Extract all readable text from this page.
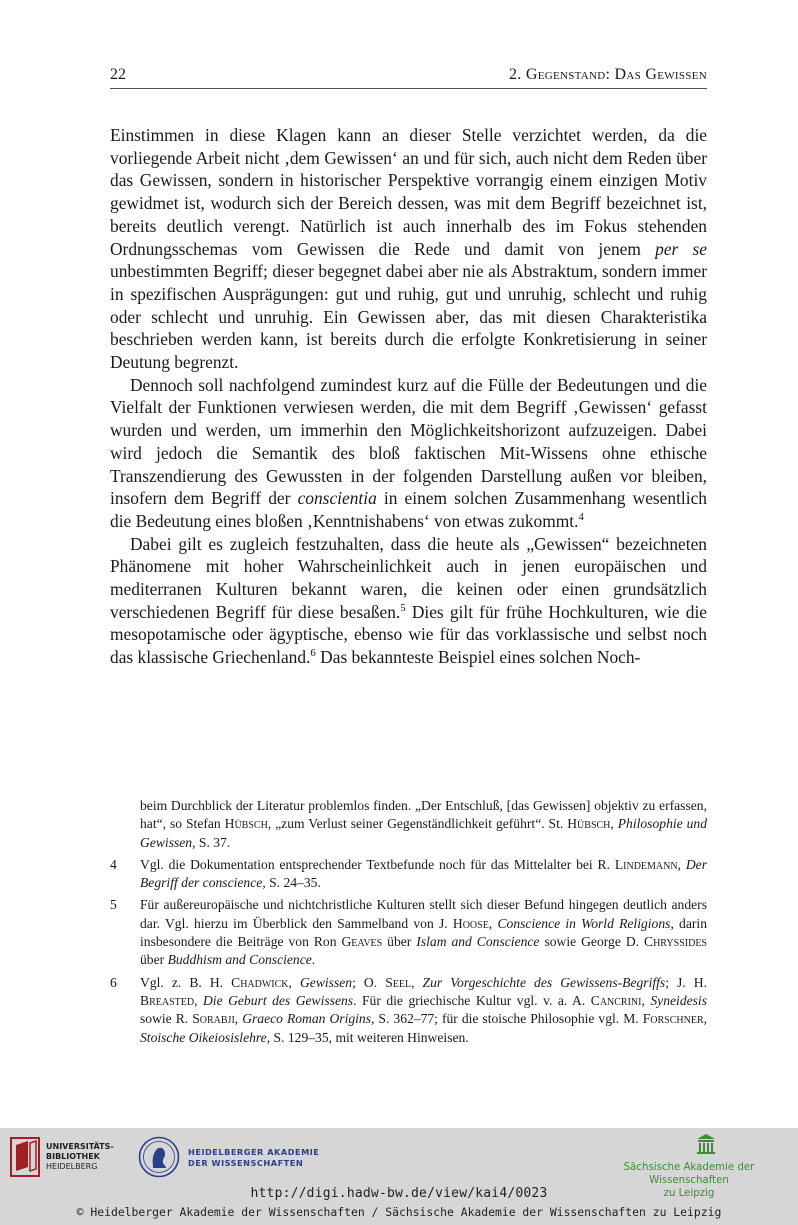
22	2. Gegenstand: Das Gewissen

Einstimmen in diese Klagen kann an dieser Stelle verzichtet werden, da die vorliegende Arbeit nicht ‚dem Gewissen‘ an und für sich, auch nicht dem Reden über das Gewissen, sondern in historischer Perspektive vorrangig einem einzigen Motiv gewidmet ist, wodurch sich der Bereich dessen, was mit dem Begriff bezeichnet ist, bereits deutlich verengt. Natürlich ist auch innerhalb des im Fokus stehenden Ordnungsschemas vom Gewissen die Rede und damit von jenem per se unbestimmten Begriff; dieser begegnet dabei aber nie als Abstraktum, sondern immer in spezifischen Ausprägungen: gut und ruhig, gut und unruhig, schlecht und ruhig oder schlecht und unruhig. Ein Gewissen aber, das mit diesen Charakteristika beschrieben werden kann, ist bereits durch die erfolgte Konkretisierung in seiner Deutung begrenzt.

Dennoch soll nachfolgend zumindest kurz auf die Fülle der Bedeutungen und die Vielfalt der Funktionen verwiesen werden, die mit dem Begriff ‚Gewissen‘ gefasst wurden und werden, um immerhin den Möglichkeitshorizont aufzuzeigen. Dabei wird jedoch die Semantik des bloß faktischen Mit-Wissens ohne ethische Transzendierung des Gewussten in der folgenden Darstellung außen vor bleiben, insofern dem Begriff der conscientia in einem solchen Zusammenhang wesentlich die Bedeutung eines bloßen ‚Kenntnishabens‘ von etwas zukommt.$^4$

Dabei gilt es zugleich festzuhalten, dass die heute als „Gewissen“ bezeichneten Phänomene mit hoher Wahrscheinlichkeit auch in jenen europäischen und mediterranen Kulturen bekannt waren, die keinen oder einen grundsätzlich verschiedenen Begriff für diese besaßen.$^5$ Dies gilt für frühe Hochkulturen, wie die mesopotamische oder ägyptische, ebenso wie für das vorklassische und selbst noch das klassische Griechenland.$^6$ Das bekannteste Beispiel eines solchen Noch-

beim Durchblick der Literatur problemlos finden. „Der Entschluß, [das Gewissen] objektiv zu erfassen, hat“, so Stefan Hübsch, „zum Verlust seiner Gegenständlichkeit geführt“. St. Hübsch, Philosophie und Gewissen, S. 37.
4 Vgl. die Dokumentation entsprechender Textbefunde noch für das Mittelalter bei R. Lindemann, Der Begriff der conscience, S. 24–35.
5 Für außereuropäische und nichtchristliche Kulturen stellt sich dieser Befund hingegen deutlich anders dar. Vgl. hierzu im Überblick den Sammelband von J. Hoose, Conscience in World Religions, darin insbesondere die Beiträge von Ron Geaves über Islam and Conscience sowie George D. Chryssides über Buddhism and Conscience.
6 Vgl. z. B. H. Chadwick, Gewissen; O. Seel, Zur Vorgeschichte des Gewissens-Begriffs; J. H. Breasted, Die Geburt des Gewissens. Für die griechische Kultur vgl. v. a. A. Cancrini, Syneidesis sowie R. Sorabji, Graeco Roman Origins, S. 362–77; für die stoische Philosophie vgl. M. Forschner, Stoische Oikeiosislehre, S. 129–35, mit weiteren Hinweisen.
UNIVERSITÄTS-
BIBLIOTHEK
HEIDELBERG
HEIDELBERGER AKADEMIE
DER WISSENSCHAFTEN	Sächsische Akademie der Wissenschaften
zu Leipzig
http://digi.hadw-bw.de/view/kai4/0023
© Heidelberger Akademie der Wissenschaften / Sächsische Akademie der Wissenschaften zu Leipzig
